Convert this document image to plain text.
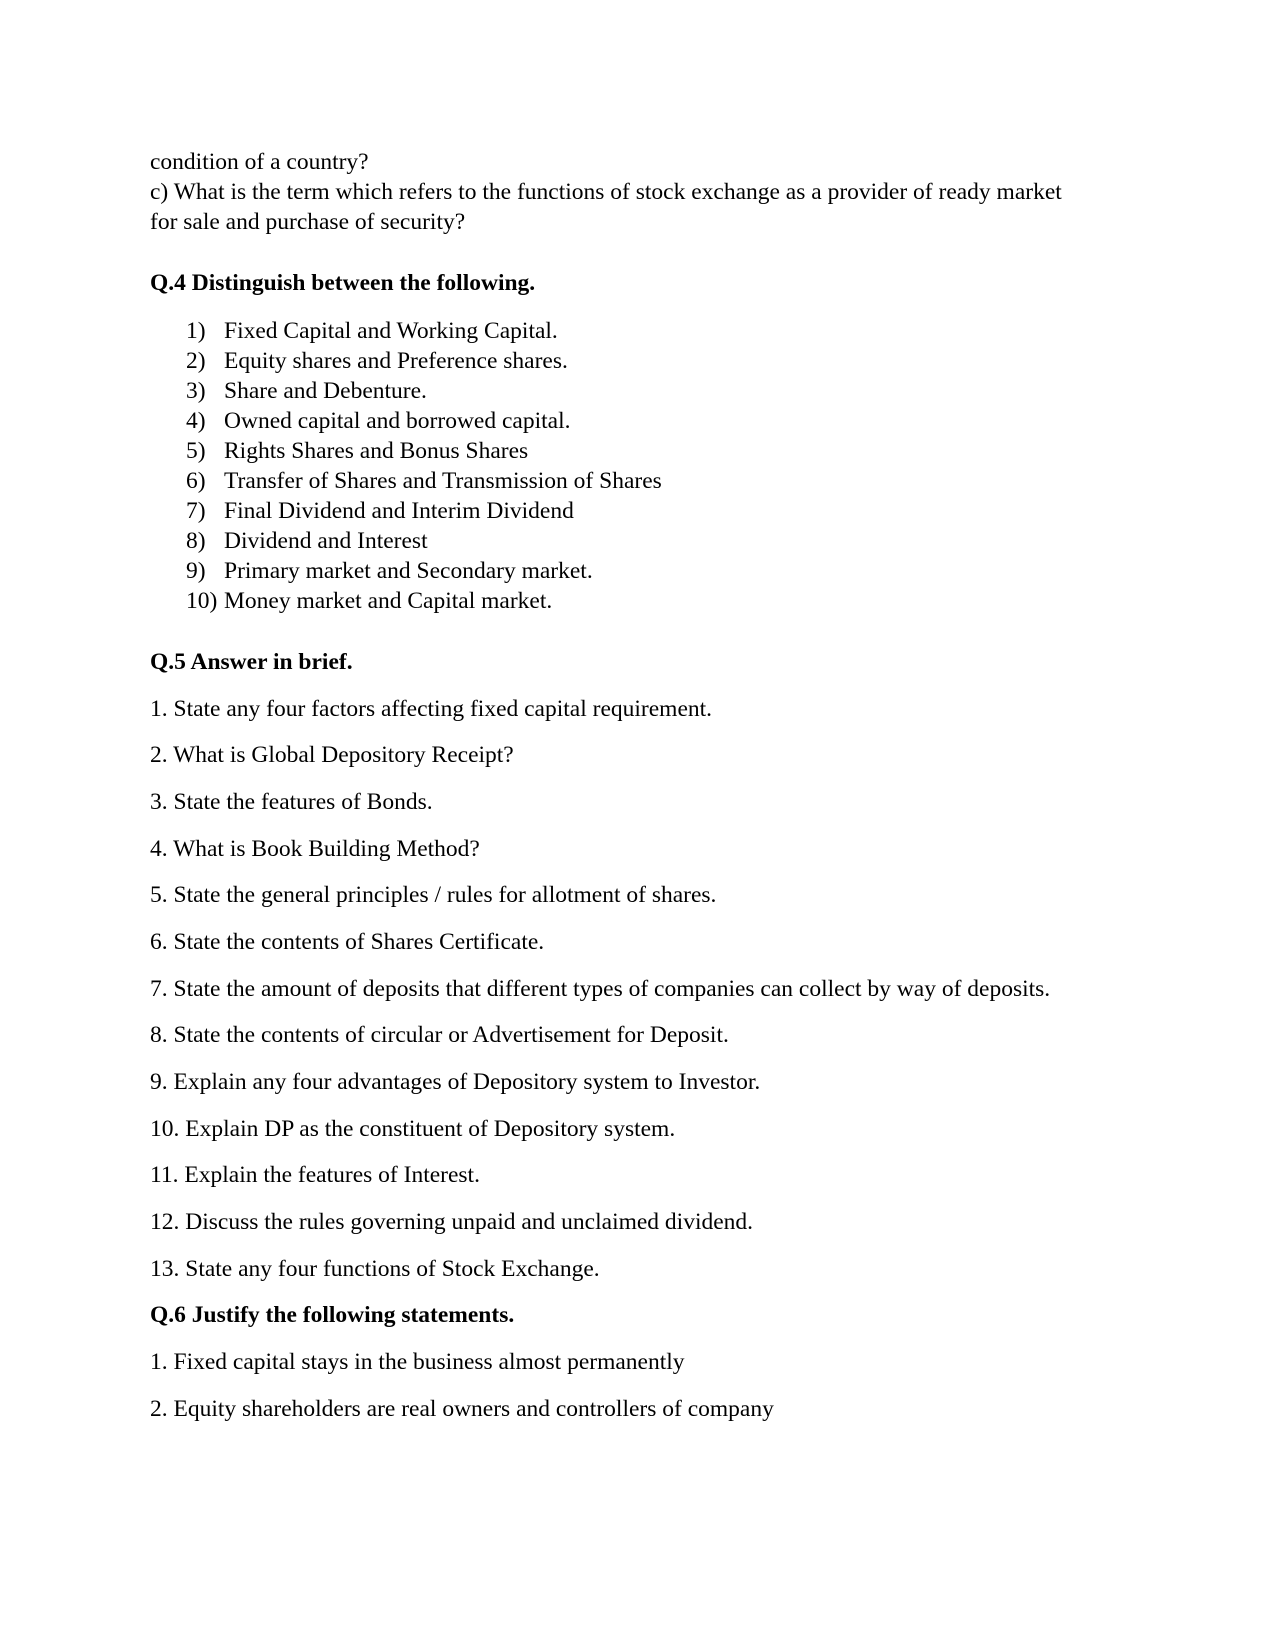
condition of a country?
c) What is the term which refers to the functions of stock exchange as a provider of ready market
for sale and purchase of security?
Q.4 Distinguish between the following.
1) Fixed Capital and Working Capital.
2) Equity shares and Preference shares.
3) Share and Debenture.
4) Owned capital and borrowed capital.
5) Rights Shares and Bonus Shares
6) Transfer of Shares and Transmission of Shares
7) Final Dividend and Interim Dividend
8) Dividend and Interest
9) Primary market and Secondary market.
10) Money market and Capital market.
Q.5 Answer in brief.
1. State any four factors affecting fixed capital requirement.
2. What is Global Depository Receipt?
3. State the features of Bonds.
4. What is Book Building Method?
5. State the general principles / rules for allotment of shares.
6. State the contents of Shares Certificate.
7. State the amount of deposits that different types of companies can collect by way of deposits.
8. State the contents of circular or Advertisement for Deposit.
9. Explain any four advantages of Depository system to Investor.
10. Explain DP as the constituent of Depository system.
11. Explain the features of Interest.
12. Discuss the rules governing unpaid and unclaimed dividend.
13. State any four functions of Stock Exchange.
Q.6 Justify the following statements.
1. Fixed capital stays in the business almost permanently
2. Equity shareholders are real owners and controllers of company
